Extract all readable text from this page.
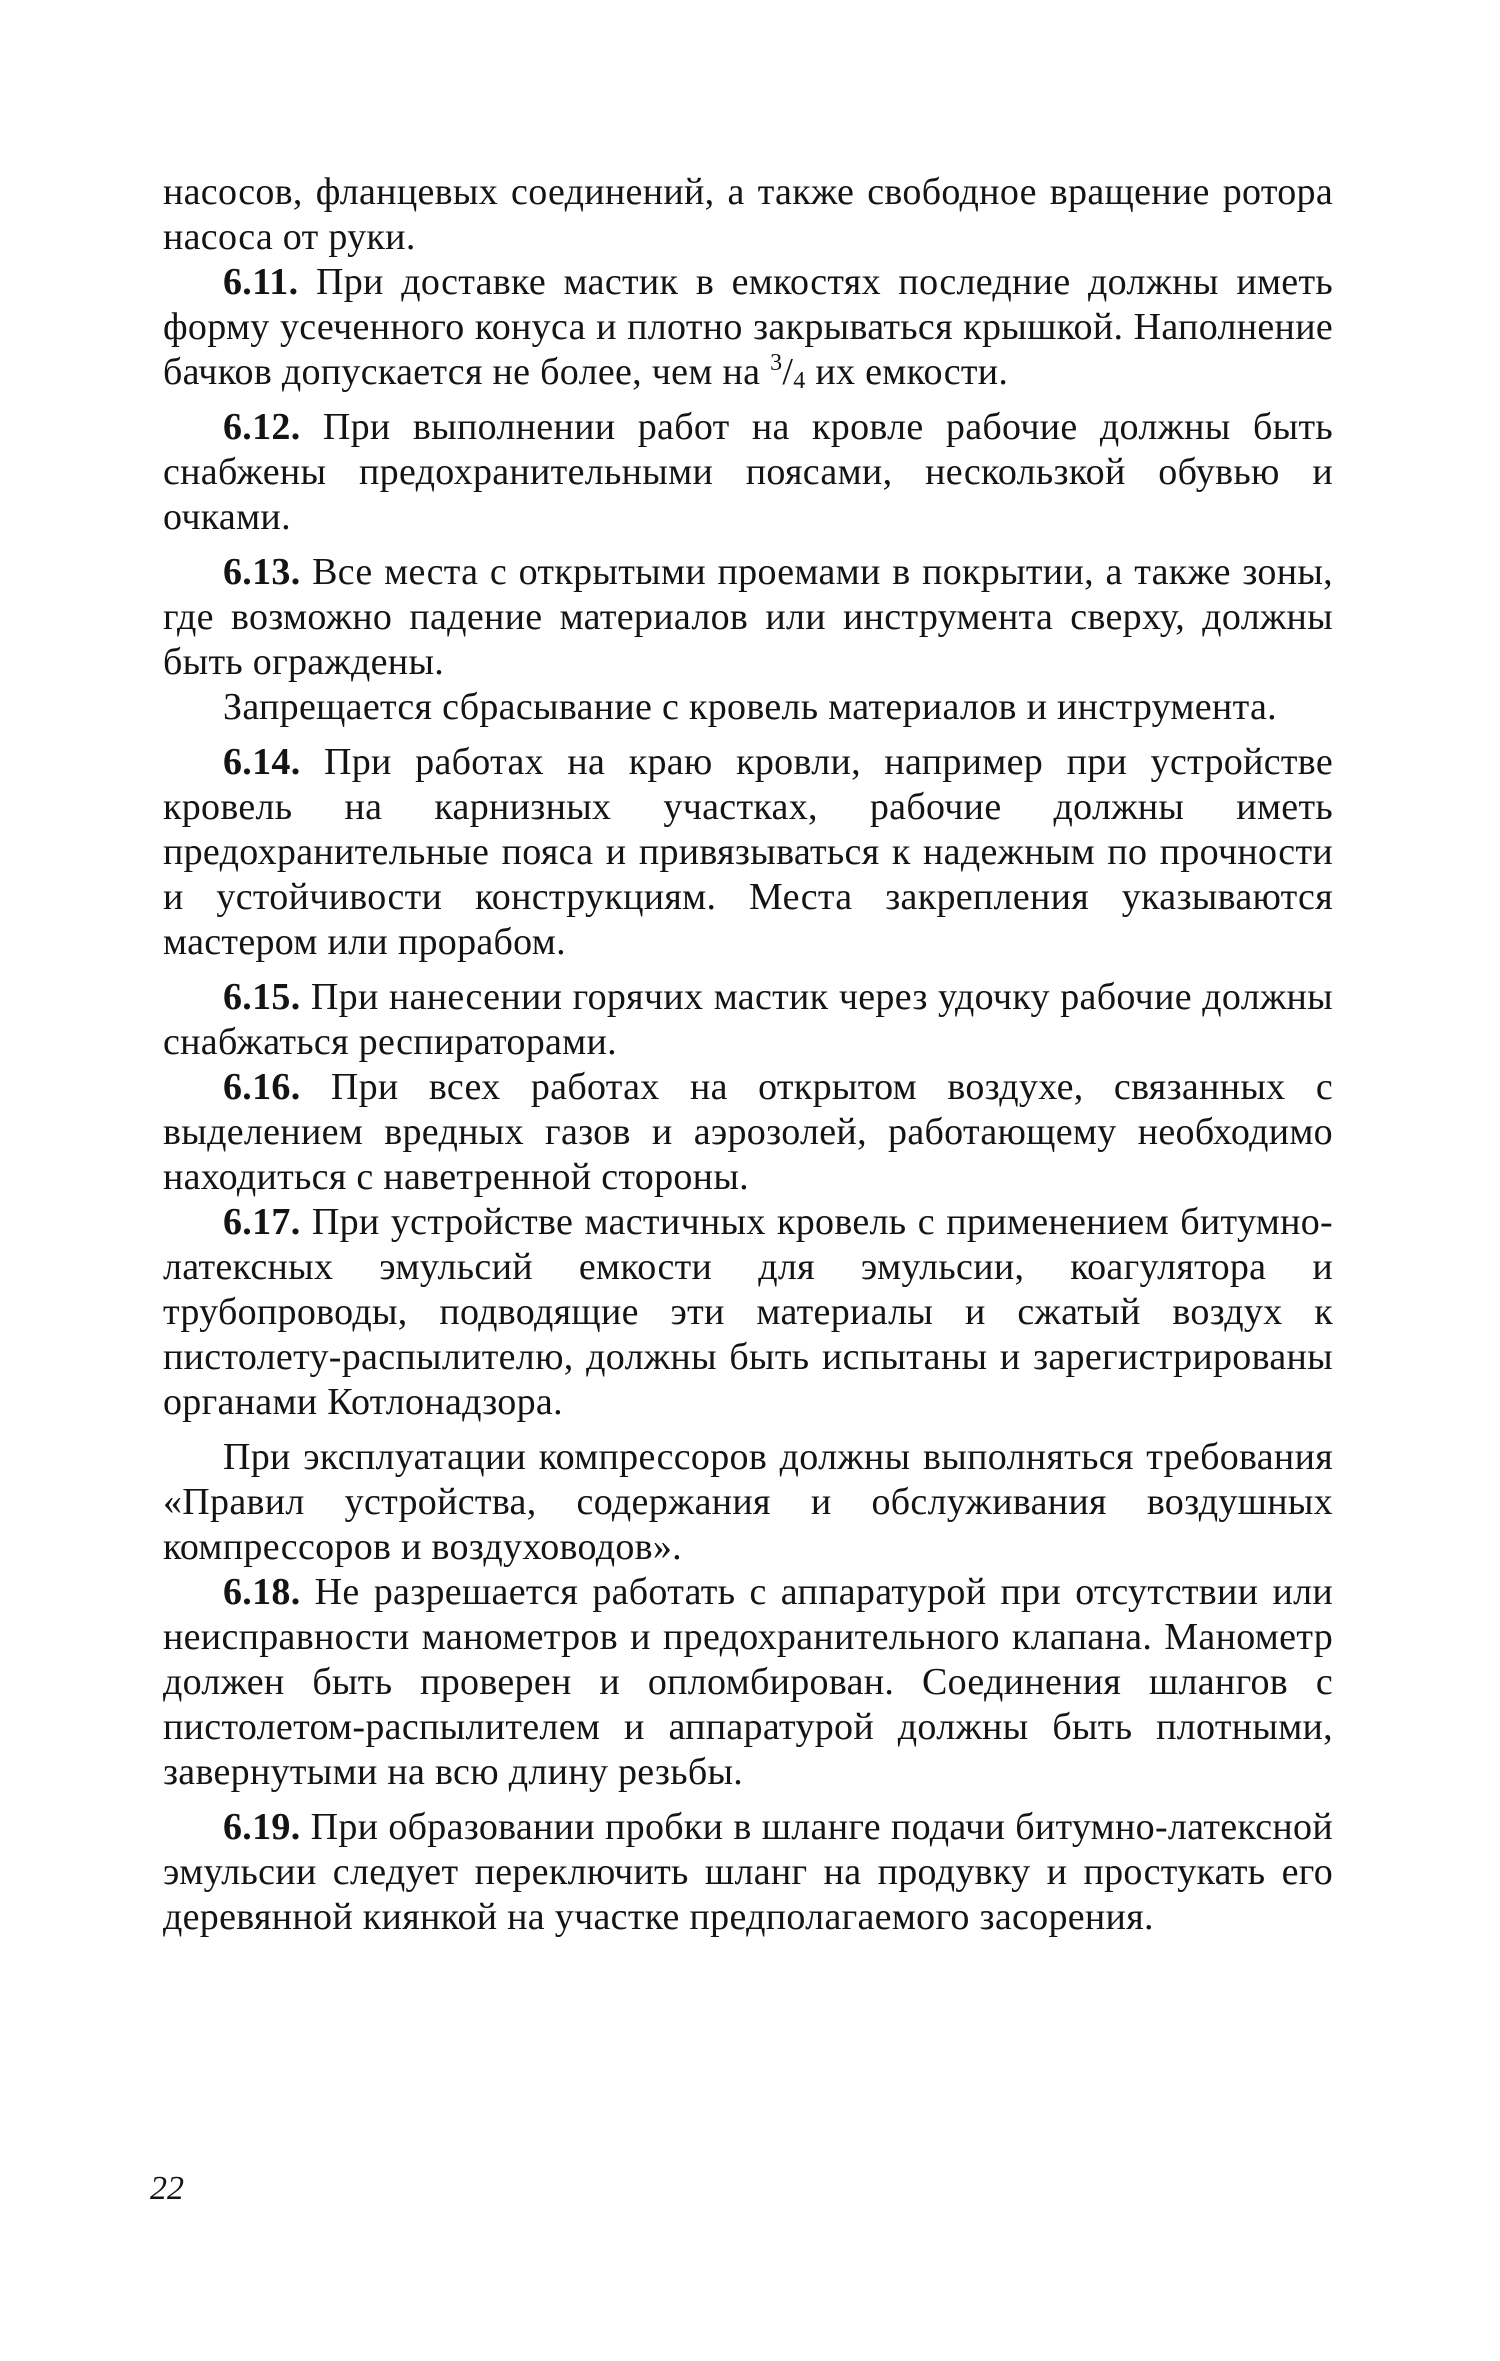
насосов, фланцевых соединений, а также свободное вращение ротора насоса от руки.

6.11. При доставке мастик в емкостях последние должны иметь форму усеченного конуса и плотно закрываться крышкой. Наполнение бачков допускается не более, чем на $^3/_4$ их емкости.

6.12. При выполнении работ на кровле рабочие должны быть снабжены предохранительными поясами, нескользкой обувью и очками.

6.13. Все места с открытыми проемами в покрытии, а также зоны, где возможно падение материалов или инструмента сверху, должны быть ограждены.

Запрещается сбрасывание с кровель материалов и инструмента.

6.14. При работах на краю кровли, например при устройстве кровель на карнизных участках, рабочие должны иметь предохранительные пояса и привязываться к надежным по прочности и устойчивости конструкциям. Места закрепления указываются мастером или прорабом.

6.15. При нанесении горячих мастик через удочку рабочие должны снабжаться респираторами.

6.16. При всех работах на открытом воздухе, связанных с выделением вредных газов и аэрозолей, работающему необходимо находиться с наветренной стороны.

6.17. При устройстве мастичных кровель с применением битумно-латексных эмульсий емкости для эмульсии, коагулятора и трубопроводы, подводящие эти материалы и сжатый воздух к пистолету-распылителю, должны быть испытаны и зарегистрированы органами Котлонадзора.

При эксплуатации компрессоров должны выполняться требования «Правил устройства, содержания и обслуживания воздушных компрессоров и воздуховодов».

6.18. Не разрешается работать с аппаратурой при отсутствии или неисправности манометров и предохранительного клапана. Манометр должен быть проверен и опломбирован. Соединения шлангов с пистолетом-распылителем и аппаратурой должны быть плотными, завернутыми на всю длину резьбы.

6.19. При образовании пробки в шланге подачи битумно-латексной эмульсии следует переключить шланг на продувку и простукать его деревянной киянкой на участке предполагаемого засорения.

22
